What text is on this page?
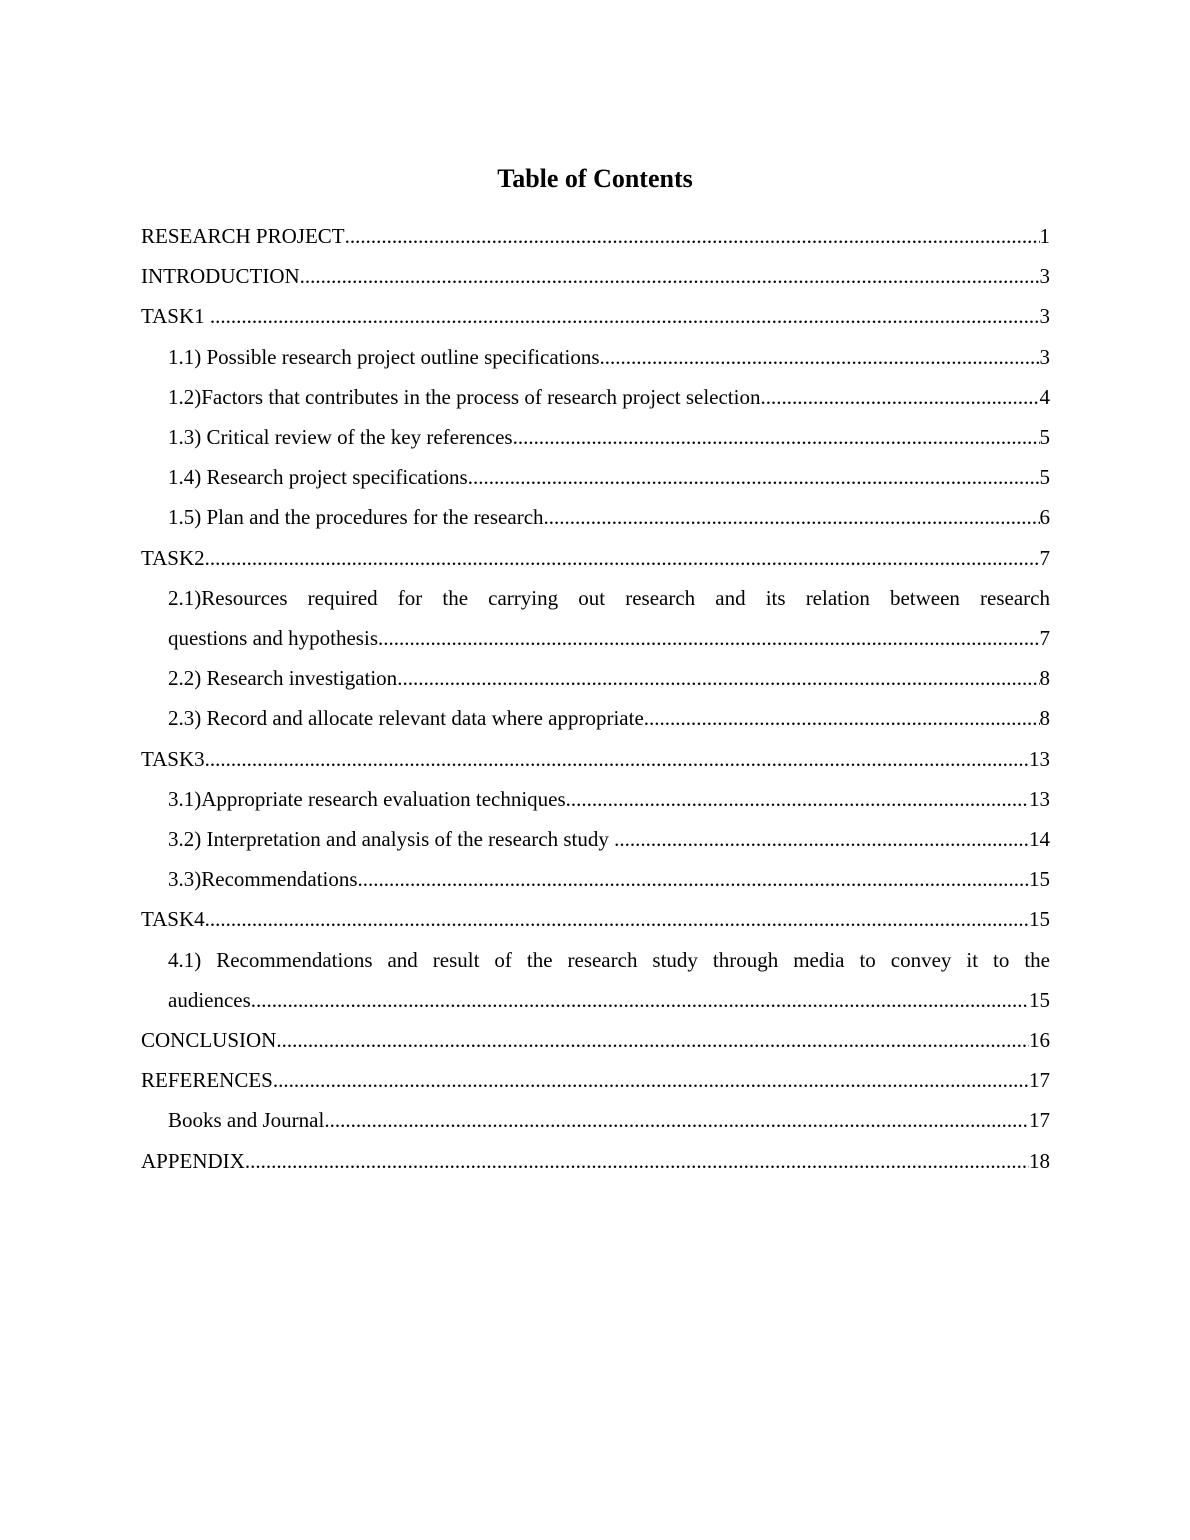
Table of Contents
RESEARCH PROJECT .....	1
INTRODUCTION .....	3
TASK1 .....	3
1.1) Possible research project outline specifications .....	3
1.2)Factors that contributes in the process of research project selection .....	4
1.3) Critical review of the key references .....	5
1.4) Research project specifications .....	5
1.5) Plan and the procedures for the research .....	6
TASK2 .....	7
2.1)Resources required for the carrying out research and its relation between research
questions and hypothesis .....	7
2.2) Research investigation .....	8
2.3) Record and allocate relevant data where appropriate .....	8
TASK3 .....	13
3.1)Appropriate research evaluation techniques .....	13
3.2) Interpretation and analysis of the research study .....	14
3.3)Recommendations .....	15
TASK4 .....	15
4.1) Recommendations and result of the research study through media to convey it to the
audiences .....	15
CONCLUSION .....	16
REFERENCES .....	17
Books and Journal .....	17
APPENDIX .....	18
